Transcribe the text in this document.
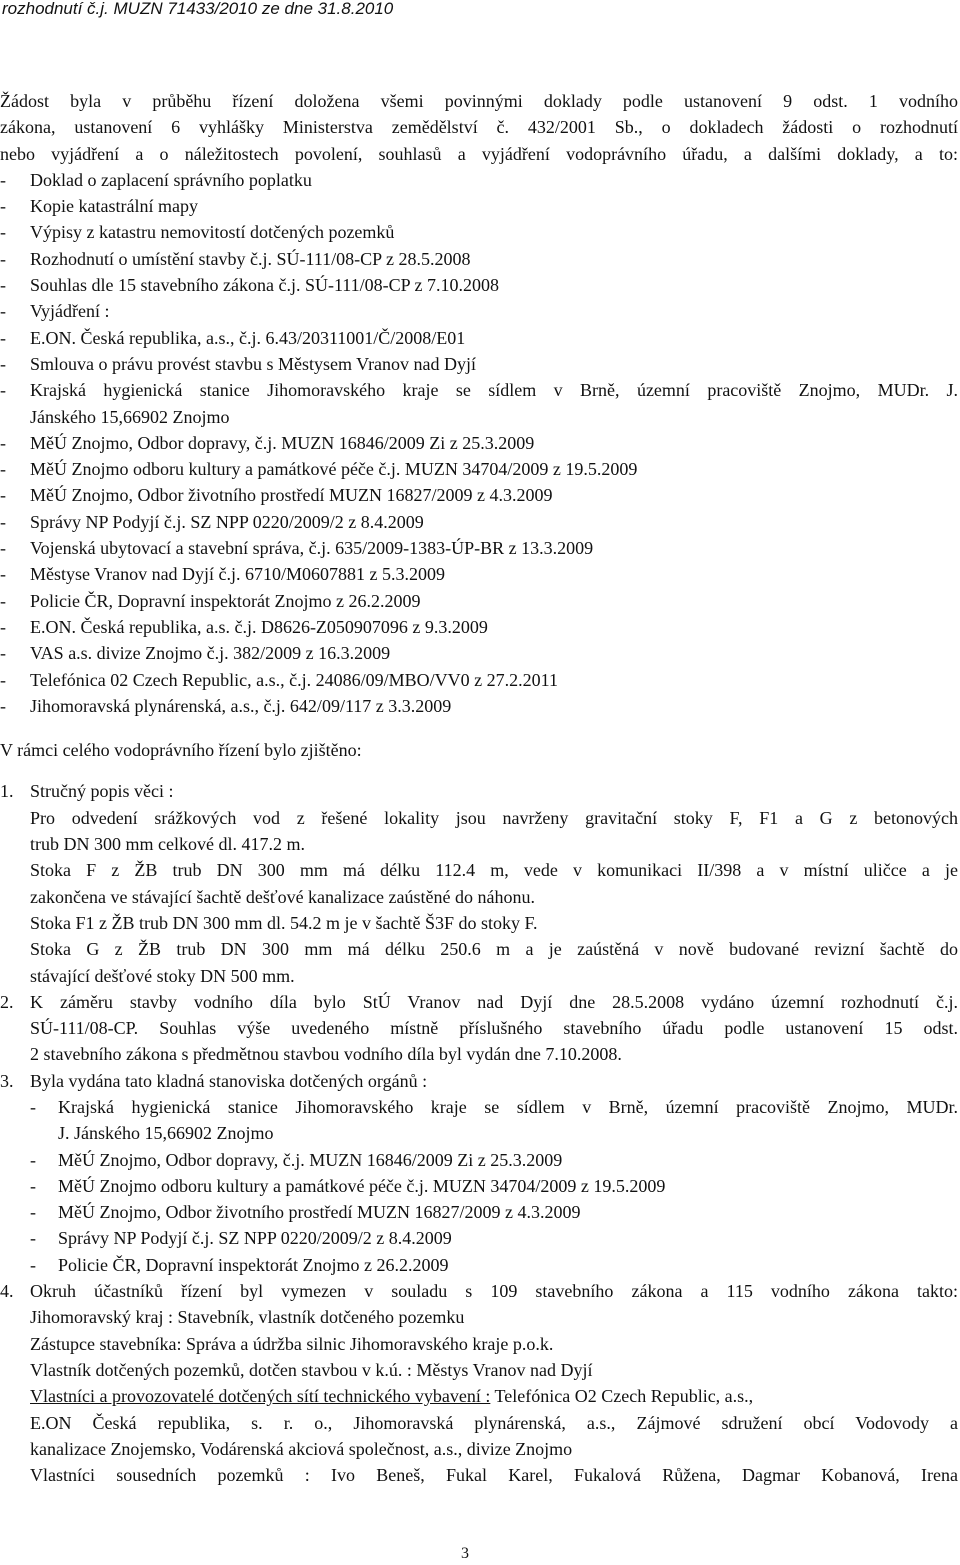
rozhodnutí č.j. MUZN 71433/2010 ze dne 31.8.2010
Žádost byla v průběhu řízení doložena všemi povinnými doklady podle ustanovení 9 odst. 1 vodního
zákona, ustanovení 6 vyhlášky Ministerstva zemědělství č. 432/2001 Sb., o dokladech žádosti o rozhodnutí
nebo vyjádření a o náležitostech povolení, souhlasů a vyjádření vodoprávního úřadu, a dalšími doklady, a to:
-	Doklad o zaplacení správního poplatku
-	Kopie katastrální mapy
-	Výpisy z katastru nemovitostí dotčených pozemků
-	Rozhodnutí o umístění stavby č.j. SÚ-111/08-CP z 28.5.2008
-	Souhlas dle 15 stavebního zákona č.j. SÚ-111/08-CP z 7.10.2008
-	Vyjádření :
-	E.ON. Česká republika, a.s., č.j. 6.43/20311001/Č/2008/E01
-	Smlouva o právu provést stavbu s Městysem Vranov nad Dyjí
-	Krajská hygienická stanice Jihomoravského kraje se sídlem v Brně, územní pracoviště Znojmo, MUDr. J.
Jánského 15,66902 Znojmo
-	MěÚ Znojmo, Odbor dopravy, č.j. MUZN 16846/2009 Zi z 25.3.2009
-	MěÚ Znojmo odboru kultury a památkové péče č.j. MUZN 34704/2009 z 19.5.2009
-	MěÚ Znojmo, Odbor životního prostředí MUZN 16827/2009 z 4.3.2009
-	Správy NP Podyjí č.j. SZ NPP 0220/2009/2 z 8.4.2009
-	Vojenská ubytovací a stavební správa, č.j. 635/2009-1383-ÚP-BR z 13.3.2009
-	Městyse Vranov nad Dyjí č.j. 6710/M0607881 z 5.3.2009
-	Policie ČR, Dopravní inspektorát Znojmo z 26.2.2009
-	E.ON. Česká republika, a.s. č.j. D8626-Z050907096 z 9.3.2009
-	VAS a.s. divize Znojmo č.j. 382/2009 z 16.3.2009
-	Telefónica 02 Czech Republic, a.s., č.j. 24086/09/MBO/VV0 z 27.2.2011
-	Jihomoravská plynárenská, a.s., č.j. 642/09/117 z 3.3.2009
V rámci celého vodoprávního řízení bylo zjištěno:
1. Stručný popis věci :
Pro odvedení srážkových vod z řešené lokality jsou navrženy gravitační stoky F, F1 a G z betonových
trub DN 300 mm celkové dl. 417.2 m.
Stoka F z ŽB trub DN 300 mm má délku 112.4 m, vede v komunikaci II/398 a v místní uličce a je
zakončena ve stávající šachtě dešťové kanalizace zaústěné do náhonu.
Stoka F1 z ŽB trub DN 300 mm dl. 54.2 m je v šachtě Š3F do stoky F.
Stoka G z ŽB trub DN 300 mm má délku 250.6 m a je zaústěná v nově budované revizní šachtě do
stávající dešťové stoky DN 500 mm.
2. K záměru stavby vodního díla bylo StÚ Vranov nad Dyjí dne 28.5.2008 vydáno územní rozhodnutí č.j.
SÚ-111/08-CP. Souhlas výše uvedeného místně příslušného stavebního úřadu podle ustanovení 15 odst.
2 stavebního zákona s předmětnou stavbou vodního díla byl vydán dne 7.10.2008.
3. Byla vydána tato kladná stanoviska dotčených orgánů :
-	Krajská hygienická stanice Jihomoravského kraje se sídlem v Brně, územní pracoviště Znojmo, MUDr.
J. Jánského 15,66902 Znojmo
-	MěÚ Znojmo, Odbor dopravy, č.j. MUZN 16846/2009 Zi z 25.3.2009
-	MěÚ Znojmo odboru kultury a památkové péče č.j. MUZN 34704/2009 z 19.5.2009
-	MěÚ Znojmo, Odbor životního prostředí MUZN 16827/2009 z 4.3.2009
-	Správy NP Podyjí č.j. SZ NPP 0220/2009/2 z 8.4.2009
-	Policie ČR, Dopravní inspektorát Znojmo z 26.2.2009
4. Okruh účastníků řízení byl vymezen v souladu s 109 stavebního zákona a 115 vodního zákona takto:
Jihomoravský kraj : Stavebník, vlastník dotčeného pozemku
Zástupce stavebníka: Správa a údržba silnic Jihomoravského kraje p.o.k.
Vlastník dotčených pozemků, dotčen stavbou v k.ú. : Městys Vranov nad Dyjí
Vlastníci a provozovatelé dotčených sítí technického vybavení : Telefónica O2 Czech Republic, a.s.,
E.ON Česká republika, s. r. o., Jihomoravská plynárenská, a.s., Zájmové sdružení obcí Vodovody a
kanalizace Znojemsko, Vodárenská akciová společnost, a.s., divize Znojmo
Vlastníci sousedních pozemků : Ivo Beneš, Fukal Karel, Fukalová Růžena, Dagmar Kobanová, Irena
3
